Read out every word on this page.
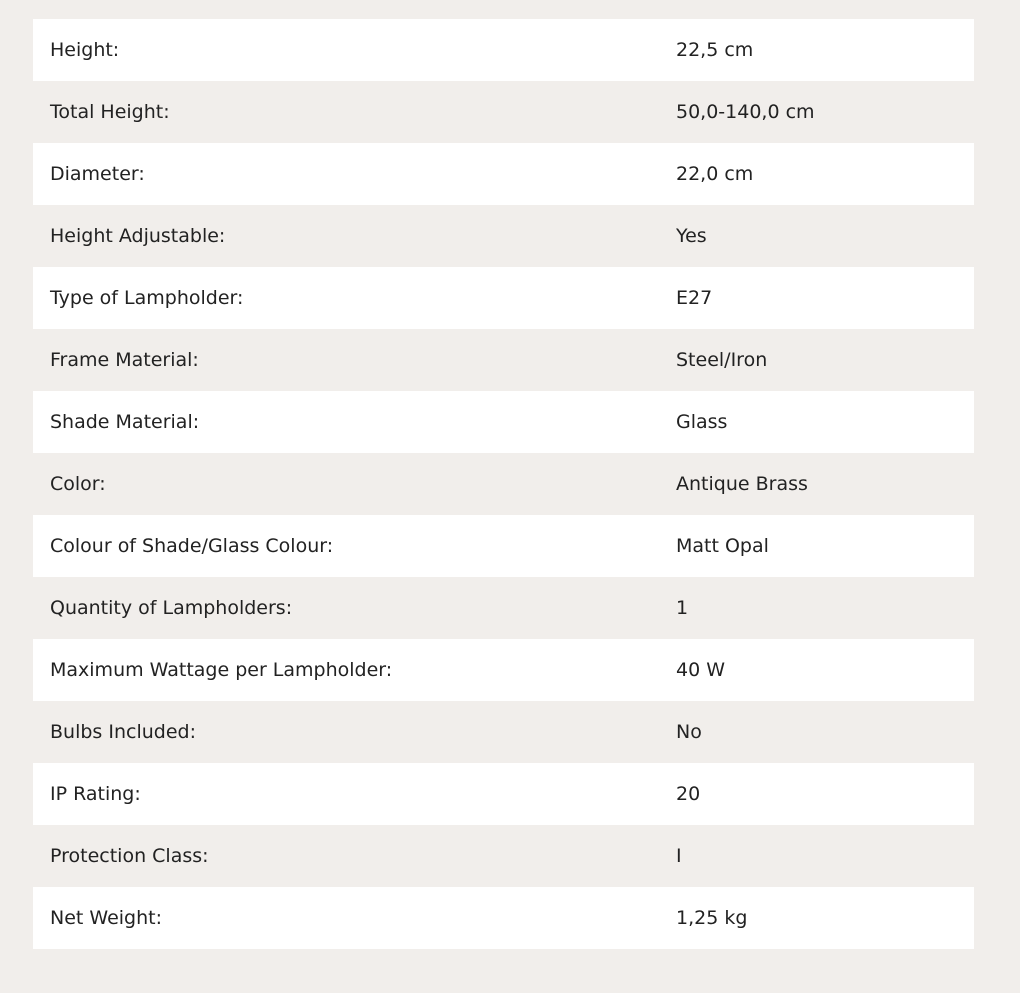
Height:	22,5 cm
Total Height:	50,0-140,0 cm
Diameter:	22,0 cm
Height Adjustable:	Yes
Type of Lampholder:	E27
Frame Material:	Steel/Iron
Shade Material:	Glass
Color:	Antique Brass
Colour of Shade/Glass Colour:	Matt Opal
Quantity of Lampholders:	1
Maximum Wattage per Lampholder:	40 W
Bulbs Included:	No
IP Rating:	20
Protection Class:	I
Net Weight:	1,25 kg
